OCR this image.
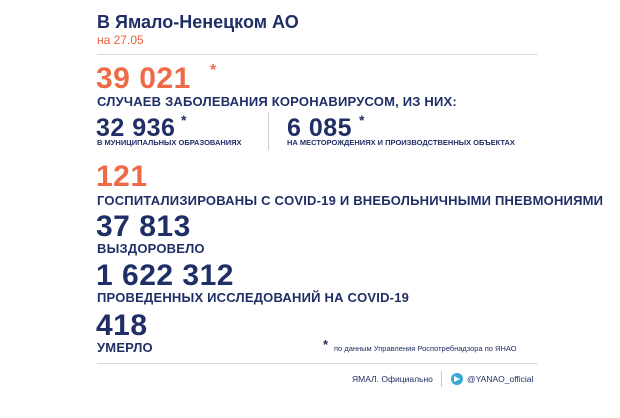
В Ямало-Ненецком АО
на 27.05
39 021 *
СЛУЧАЕВ ЗАБОЛЕВАНИЯ КОРОНАВИРУСОМ, ИЗ НИХ:
32 936 *
В МУНИЦИПАЛЬНЫХ ОБРАЗОВАНИЯХ
6 085 *
НА МЕСТОРОЖДЕНИЯХ И ПРОИЗВОДСТВЕННЫХ ОБЪЕКТАХ
121
ГОСПИТАЛИЗИРОВАНЫ С COVID-19 И ВНЕБОЛЬНИЧНЫМИ ПНЕВМОНИЯМИ
37 813
ВЫЗДОРОВЕЛО
1 622 312
ПРОВЕДЕННЫХ ИССЛЕДОВАНИЙ НА COVID-19
418
УМЕРЛО	* по данным Управления Роспотребнадзора по ЯНАО
ЯМАЛ. Официально	@YANAO_official
